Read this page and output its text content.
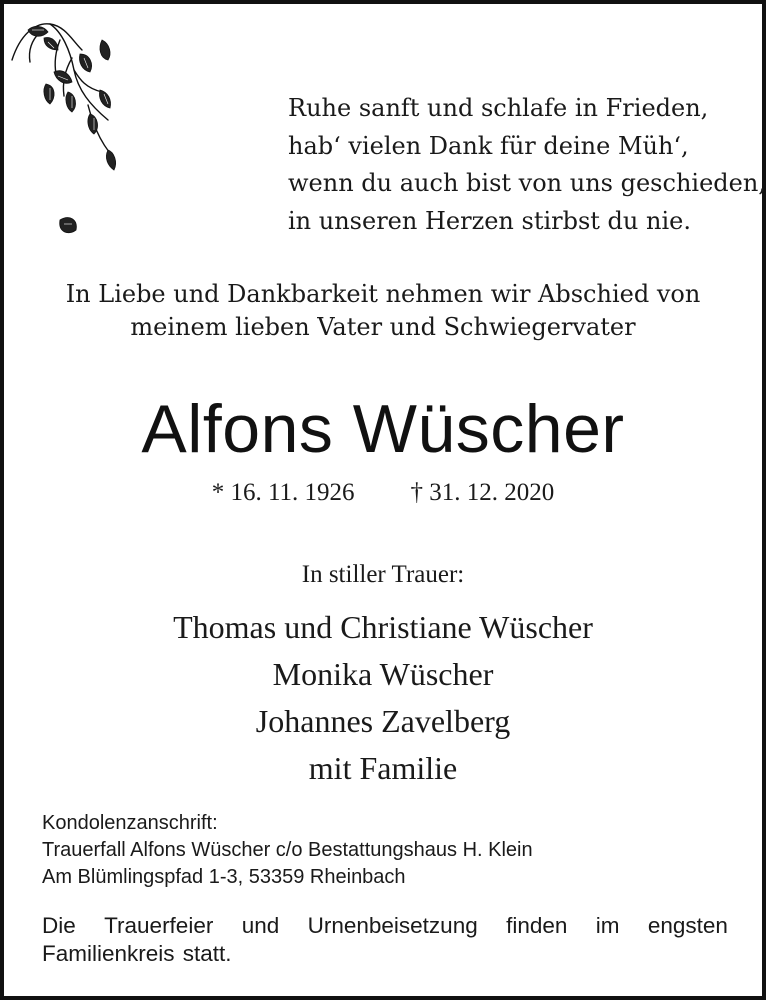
Ruhe sanft und schlafe in Frieden,
hab‘ vielen Dank für deine Müh‘,
wenn du auch bist von uns geschieden,
in unseren Herzen stirbst du nie.
In Liebe und Dankbarkeit nehmen wir Abschied von
meinem lieben Vater und Schwiegervater
Alfons Wüscher
* 16. 11. 1926 † 31. 12. 2020
In stiller Trauer:
Thomas und Christiane Wüscher
Monika Wüscher
Johannes Zavelberg
mit Familie
Kondolenzanschrift:
Trauerfall Alfons Wüscher c/o Bestattungshaus H. Klein
Am Blümlingspfad 1-3, 53359 Rheinbach
Die Trauerfeier und Urnenbeisetzung finden im engsten
Familienkreis statt.
